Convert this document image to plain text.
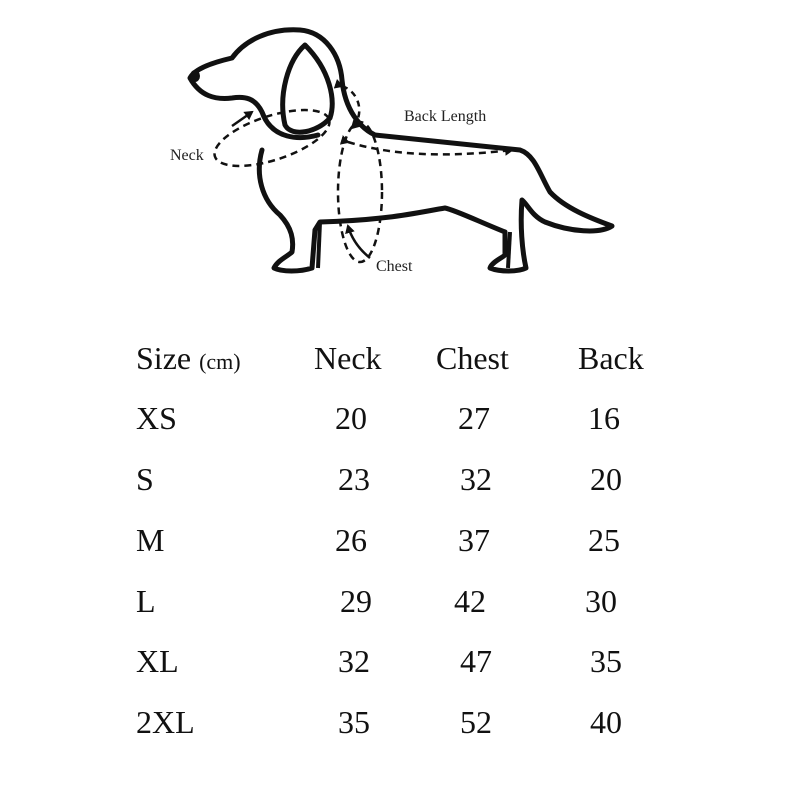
Neck
Back Length
Chest
Size (cm) Neck Chest Back
XS	20	27	16
S	23	32	20
M	26	37	25
L	29	42	30
XL	32	47	35
2XL	35	52	40
